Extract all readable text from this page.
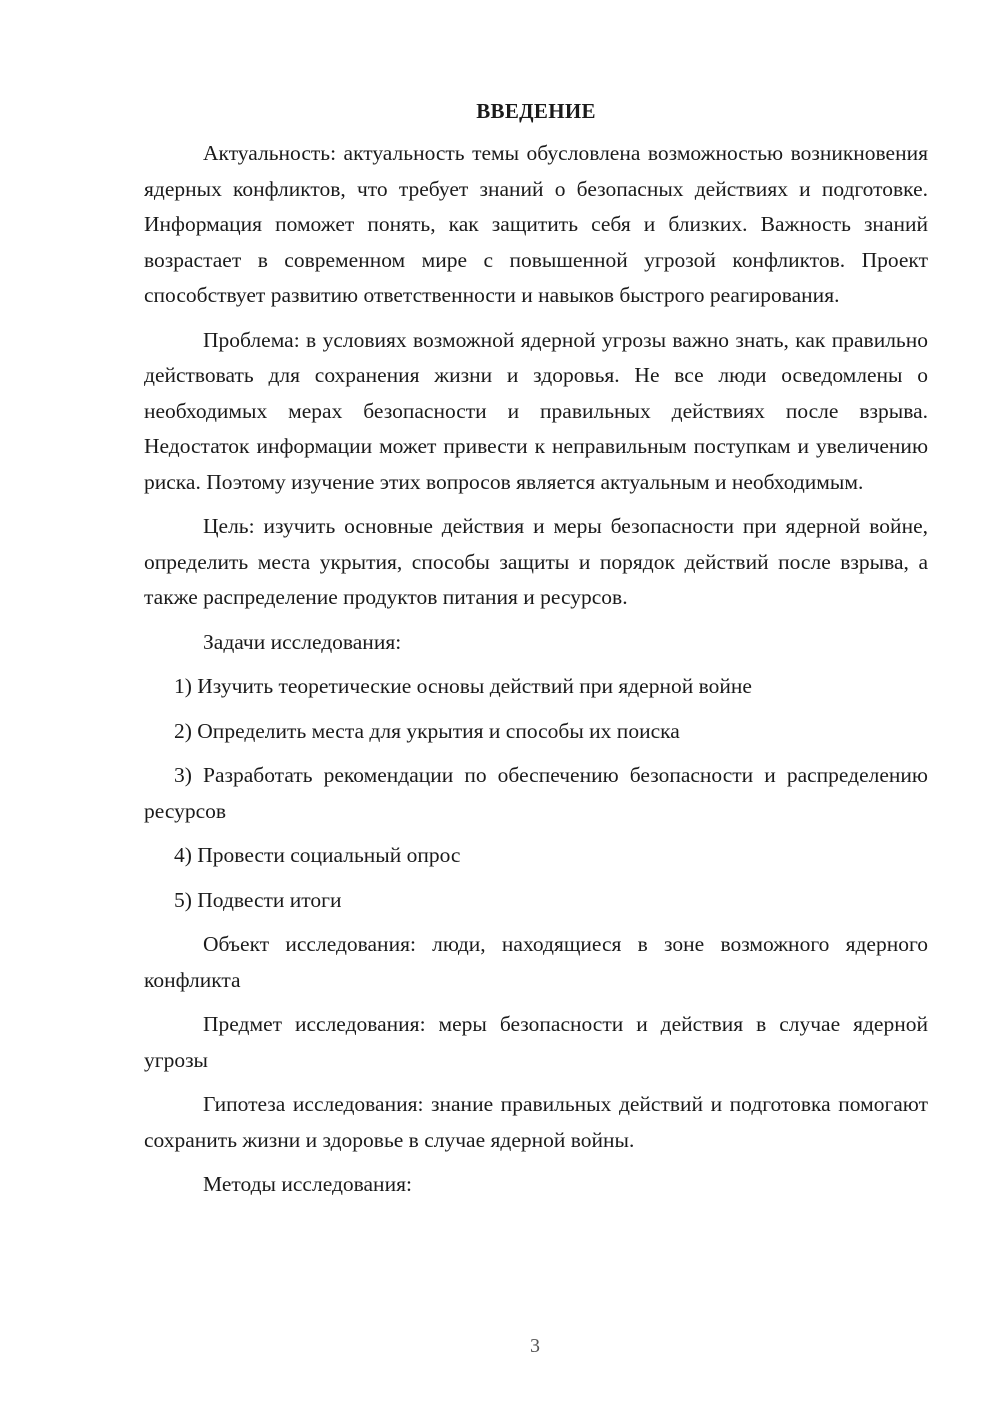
ВВЕДЕНИЕ

Актуальность: актуальность темы обусловлена возможностью возникновения ядерных конфликтов, что требует знаний о безопасных действиях и подготовке. Информация поможет понять, как защитить себя и близких. Важность знаний возрастает в современном мире с повышенной угрозой конфликтов. Проект способствует развитию ответственности и навыков быстрого реагирования.

Проблема: в условиях возможной ядерной угрозы важно знать, как правильно действовать для сохранения жизни и здоровья. Не все люди осведомлены о необходимых мерах безопасности и правильных действиях после взрыва. Недостаток информации может привести к неправильным поступкам и увеличению риска. Поэтому изучение этих вопросов является актуальным и необходимым.

Цель: изучить основные действия и меры безопасности при ядерной войне, определить места укрытия, способы защиты и порядок действий после взрыва, а также распределение продуктов питания и ресурсов.

Задачи исследования:

1) Изучить теоретические основы действий при ядерной войне

2) Определить места для укрытия и способы их поиска

3) Разработать рекомендации по обеспечению безопасности и распределению ресурсов

4) Провести социальный опрос

5) Подвести итоги

Объект исследования: люди, находящиеся в зоне возможного ядерного конфликта

Предмет исследования: меры безопасности и действия в случае ядерной угрозы

Гипотеза исследования: знание правильных действий и подготовка помогают сохранить жизни и здоровье в случае ядерной войны.

Методы исследования:

3
